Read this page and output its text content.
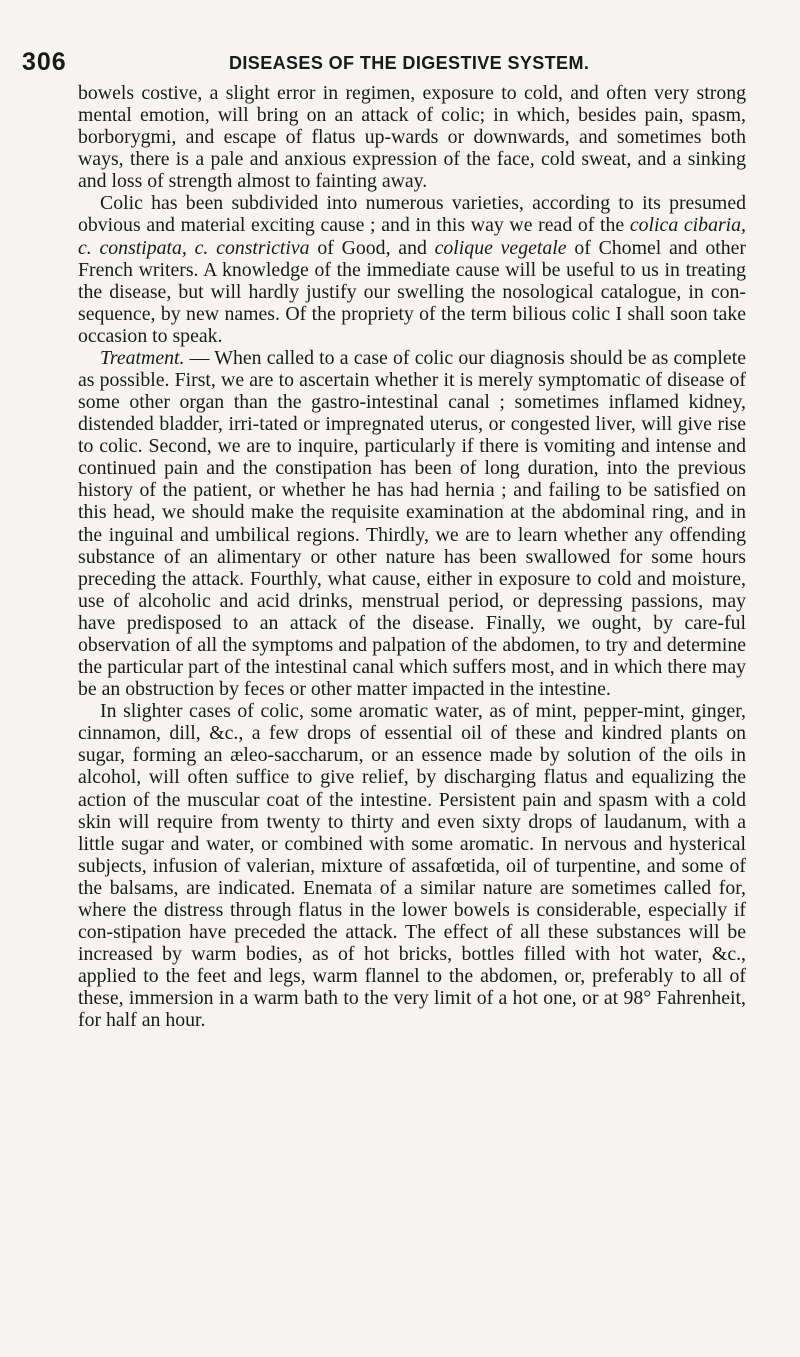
306	DISEASES OF THE DIGESTIVE SYSTEM.

bowels costive, a slight error in regimen, exposure to cold, and often very strong mental emotion, will bring on an attack of colic; in which, besides pain, spasm, borborygmi, and escape of flatus up-wards or downwards, and sometimes both ways, there is a pale and anxious expression of the face, cold sweat, and a sinking and loss of strength almost to fainting away.

Colic has been subdivided into numerous varieties, according to its presumed obvious and material exciting cause ; and in this way we read of the colica cibaria, c. constipata, c. constrictiva of Good, and colique vegetale of Chomel and other French writers. A knowledge of the immediate cause will be useful to us in treating the disease, but will hardly justify our swelling the nosological catalogue, in con-sequence, by new names. Of the propriety of the term bilious colic I shall soon take occasion to speak.

Treatment. — When called to a case of colic our diagnosis should be as complete as possible. First, we are to ascertain whether it is merely symptomatic of disease of some other organ than the gastro-intestinal canal ; sometimes inflamed kidney, distended bladder, irri-tated or impregnated uterus, or congested liver, will give rise to colic. Second, we are to inquire, particularly if there is vomiting and intense and continued pain and the constipation has been of long duration, into the previous history of the patient, or whether he has had hernia ; and failing to be satisfied on this head, we should make the requisite examination at the abdominal ring, and in the inguinal and umbilical regions. Thirdly, we are to learn whether any offending substance of an alimentary or other nature has been swallowed for some hours preceding the attack. Fourthly, what cause, either in exposure to cold and moisture, use of alcoholic and acid drinks, menstrual period, or depressing passions, may have predisposed to an attack of the disease. Finally, we ought, by care-ful observation of all the symptoms and palpation of the abdomen, to try and determine the particular part of the intestinal canal which suffers most, and in which there may be an obstruction by feces or other matter impacted in the intestine.

In slighter cases of colic, some aromatic water, as of mint, pepper-mint, ginger, cinnamon, dill, &c., a few drops of essential oil of these and kindred plants on sugar, forming an æleo-saccharum, or an essence made by solution of the oils in alcohol, will often suffice to give relief, by discharging flatus and equalizing the action of the muscular coat of the intestine. Persistent pain and spasm with a cold skin will require from twenty to thirty and even sixty drops of laudanum, with a little sugar and water, or combined with some aromatic. In nervous and hysterical subjects, infusion of valerian, mixture of assafœtida, oil of turpentine, and some of the balsams, are indicated. Enemata of a similar nature are sometimes called for, where the distress through flatus in the lower bowels is considerable, especially if con-stipation have preceded the attack. The effect of all these substances will be increased by warm bodies, as of hot bricks, bottles filled with hot water, &c., applied to the feet and legs, warm flannel to the abdomen, or, preferably to all of these, immersion in a warm bath to the very limit of a hot one, or at 98° Fahrenheit, for half an hour.
